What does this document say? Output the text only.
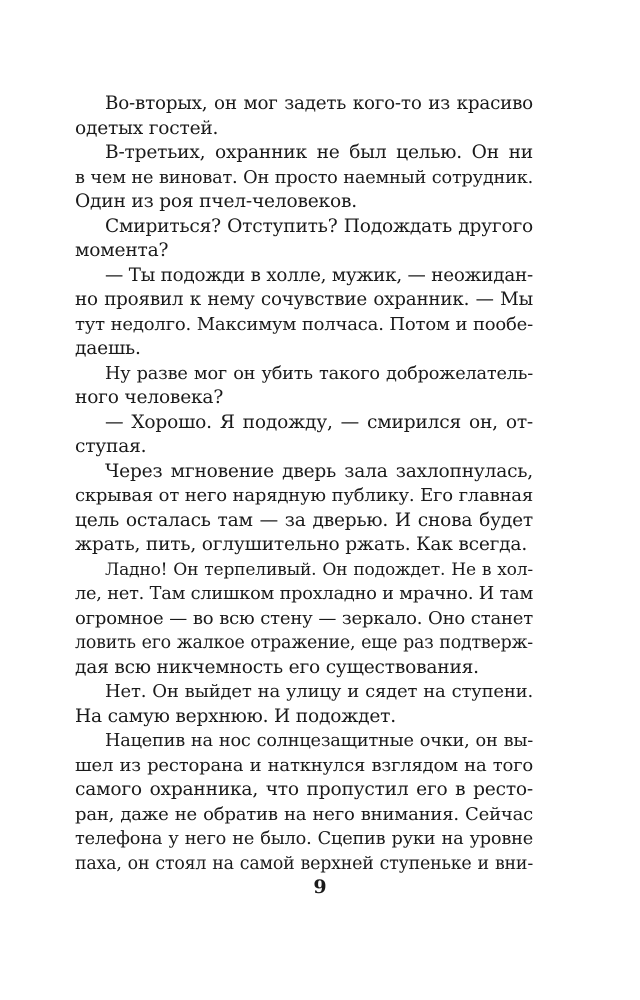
Во-вторых, он мог задеть кого-то из красиво
одетых гостей.
В-третьих, охранник не был целью. Он ни
в чем не виноват. Он просто наемный сотрудник.
Один из роя пчел-человеков.
Смириться? Отступить? Подождать другого
момента?
— Ты подожди в холле, мужик, — неожидан-
но проявил к нему сочувствие охранник. — Мы
тут недолго. Максимум полчаса. Потом и пообе-
даешь.
Ну разве мог он убить такого доброжелатель-
ного человека?
— Хорошо. Я подожду, — смирился он, от-
ступая.
Через мгновение дверь зала захлопнулась,
скрывая от него нарядную публику. Его главная
цель осталась там — за дверью. И снова будет
жрать, пить, оглушительно ржать. Как всегда.
Ладно! Он терпеливый. Он подождет. Не в хол-
ле, нет. Там слишком прохладно и мрачно. И там
огромное — во всю стену — зеркало. Оно станет
ловить его жалкое отражение, еще раз подтверж-
дая всю никчемность его существования.
Нет. Он выйдет на улицу и сядет на ступени.
На самую верхнюю. И подождет.
Нацепив на нос солнцезащитные очки, он вы-
шел из ресторана и наткнулся взглядом на того
самого охранника, что пропустил его в ресто-
ран, даже не обратив на него внимания. Сейчас
телефона у него не было. Сцепив руки на уровне
паха, он стоял на самой верхней ступеньке и вни-
9
